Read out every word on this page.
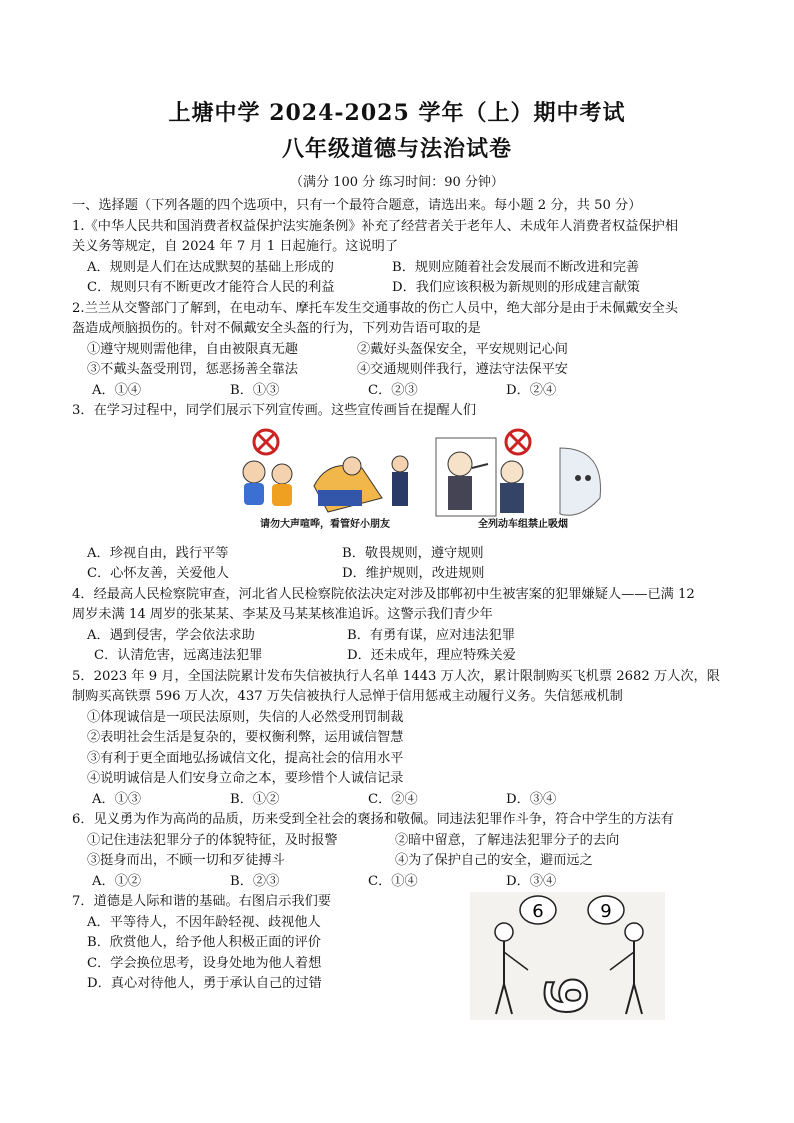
上塘中学 2024-2025 学年（上）期中考试
八年级道德与法治试卷
（满分 100 分 练习时间：90 分钟）
一、选择题（下列各题的四个选项中，只有一个最符合题意，请选出来。每小题 2 分，共 50 分）
1.《中华人民共和国消费者权益保护法实施条例》补充了经营者关于老年人、未成年人消费者权益保护相
关义务等规定，自 2024 年 7 月 1 日起施行。这说明了
A．规则是人们在达成默契的基础上形成的	B．规则应随着社会发展而不断改进和完善
C．规则只有不断更改才能符合人民的利益	D．我们应该积极为新规则的形成建言献策
2.兰兰从交警部门了解到，在电动车、摩托车发生交通事故的伤亡人员中，绝大部分是由于未佩戴安全头
盔造成颅脑损伤的。针对不佩戴安全头盔的行为，下列劝告语可取的是
①遵守规则需他律，自由被限真无趣	②戴好头盔保安全，平安规则记心间
③不戴头盔受刑罚，惩恶扬善全靠法	④交通规则伴我行，遵法守法保平安
A．①④	B．①③	C．②③	D．②④
3．在学习过程中，同学们展示下列宣传画。这些宣传画旨在提醒人们
请勿大声喧哗，看管好小朋友	全列动车组禁止吸烟
A．珍视自由，践行平等	B．敬畏规则，遵守规则
C．心怀友善，关爱他人	D．维护规则，改进规则
4．经最高人民检察院审查，河北省人民检察院依法决定对涉及邯郸初中生被害案的犯罪嫌疑人——已满 12
周岁未满 14 周岁的张某某、李某及马某某核准追诉。这警示我们青少年
A．遇到侵害，学会依法求助	B．有勇有谋，应对违法犯罪
C．认清危害，远离违法犯罪	D．还未成年，理应特殊关爱
5．2023 年 9 月，全国法院累计发布失信被执行人名单 1443 万人次，累计限制购买飞机票 2682 万人次，限
制购买高铁票 596 万人次，437 万失信被执行人忌惮于信用惩戒主动履行义务。失信惩戒机制
①体现诚信是一项民法原则，失信的人必然受刑罚制裁
②表明社会生活是复杂的，要权衡利弊，运用诚信智慧
③有利于更全面地弘扬诚信文化，提高社会的信用水平
④说明诚信是人们安身立命之本，要珍惜个人诚信记录
A．①③	B．①②	C．②④	D．③④
6．见义勇为作为高尚的品质，历来受到全社会的褒扬和敬佩。同违法犯罪作斗争，符合中学生的方法有
①记住违法犯罪分子的体貌特征，及时报警	②暗中留意，了解违法犯罪分子的去向
③挺身而出，不顾一切和歹徒搏斗	④为了保护自己的安全，避而远之
A．①②	B．②③	C．①④	D．③④
7．道德是人际和谐的基础。右图启示我们要
A．平等待人，不因年龄轻视、歧视他人
B．欣赏他人，给予他人积极正面的评价
C．学会换位思考，设身处地为他人着想
D．真心对待他人，勇于承认自己的过错
6	9
6
